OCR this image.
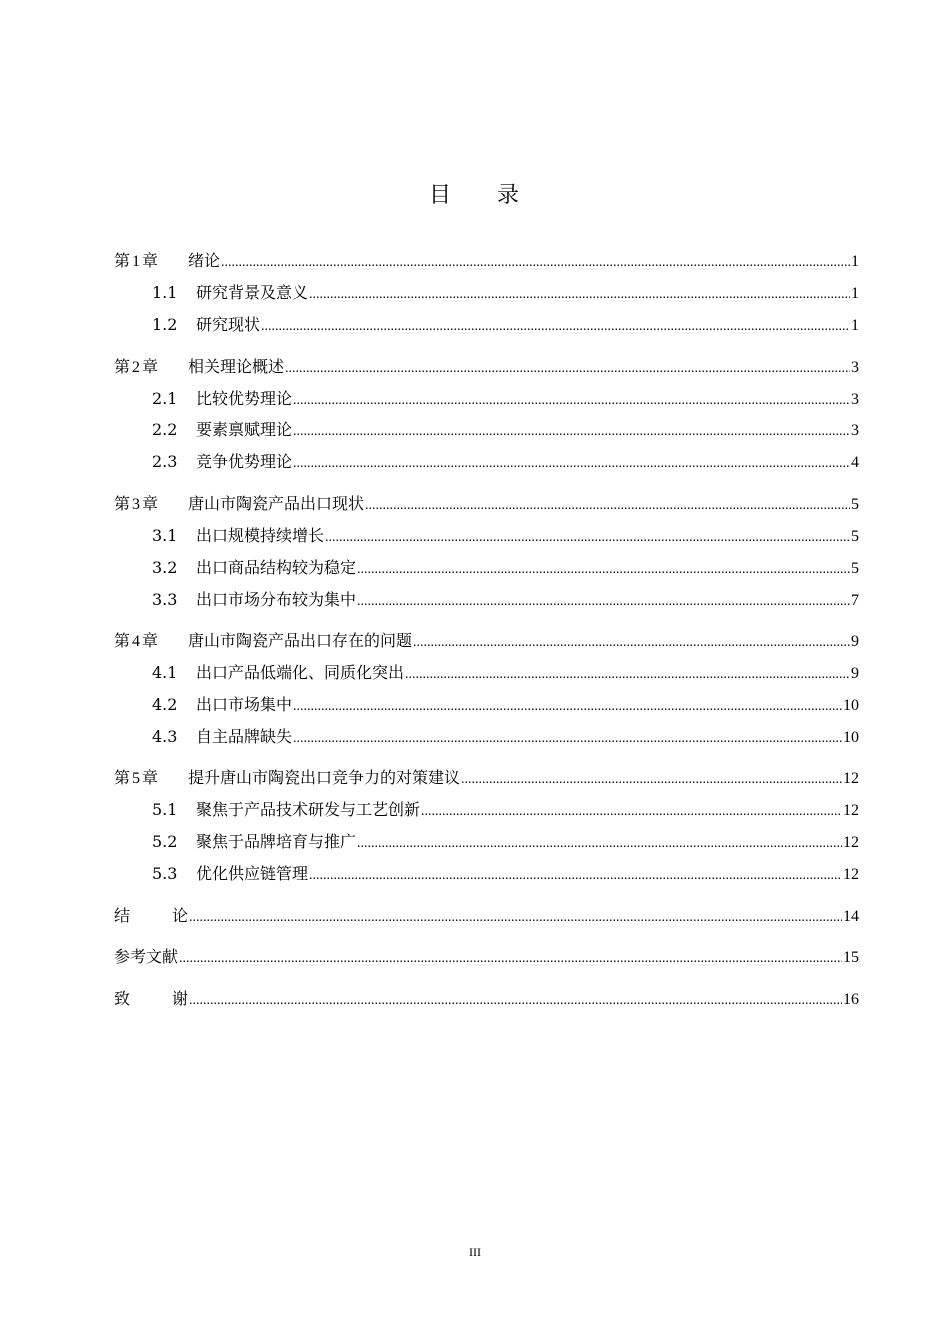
目 录
第 1 章	绪论 .....	1
1.1	研究背景及意义 .....	1
1.2	研究现状 .....	1
第 2 章	相关理论概述 .....	3
2.1	比较优势理论 .....	3
2.2	要素禀赋理论 .....	3
2.3	竞争优势理论 .....	4
第 3 章	唐山市陶瓷产品出口现状 .....	5
3.1	出口规模持续增长 .....	5
3.2	出口商品结构较为稳定 .....	5
3.3	出口市场分布较为集中 .....	7
第 4 章	唐山市陶瓷产品出口存在的问题 .....	9
4.1	出口产品低端化、同质化突出 .....	9
4.2	出口市场集中 .....	10
4.3	自主品牌缺失 .....	10
第 5 章	提升唐山市陶瓷出口竞争力的对策建议 .....	12
5.1	聚焦于产品技术研发与工艺创新 .....	12
5.2	聚焦于品牌培育与推广 .....	12
5.3	优化供应链管理 .....	12
结	论 .....	14
参考文献 .....	15
致	谢 .....	16
III
